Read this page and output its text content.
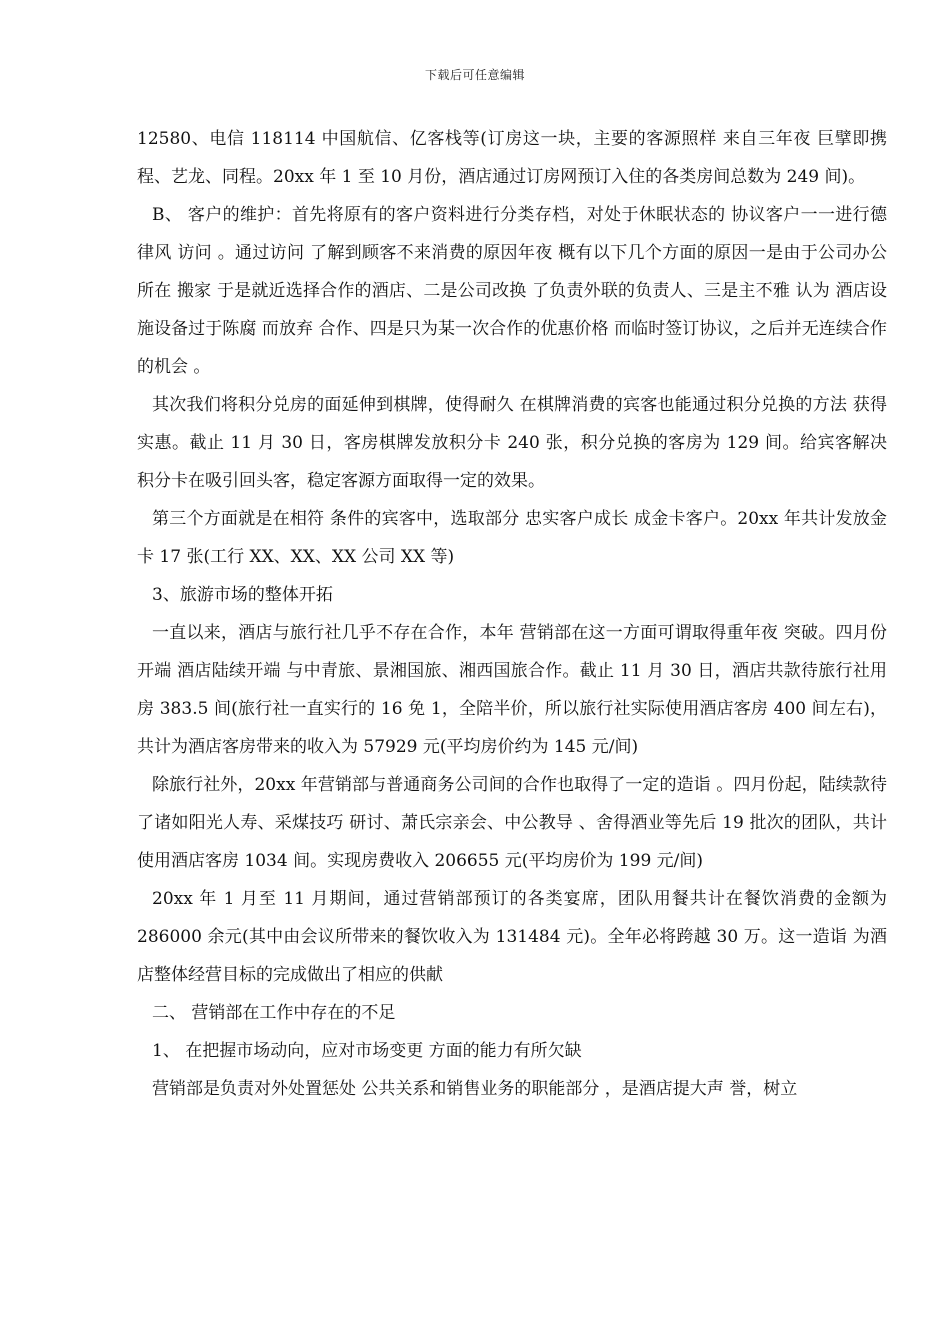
下载后可任意编辑

12580、电信 118114 中国航信、亿客栈等(订房这一块，主要的客源照样 来自三年夜 巨擘即携程、艺龙、同程。20xx 年 1 至 10 月份，酒店通过订房网预订入住的各类房间总数为 249 间)。

B、 客户的维护：首先将原有的客户资料进行分类存档，对处于休眠状态的 协议客户一一进行德律风 访问 。通过访问 了解到顾客不来消费的原因年夜 概有以下几个方面的原因一是由于公司办公所在 搬家 于是就近选择合作的酒店、二是公司改换 了负责外联的负责人、三是主不雅 认为 酒店设施设备过于陈腐 而放弃 合作、四是只为某一次合作的优惠价格 而临时签订协议，之后并无连续合作的机会 。

其次我们将积分兑房的面延伸到棋牌，使得耐久 在棋牌消费的宾客也能通过积分兑换的方法 获得实惠。截止 11 月 30 日，客房棋牌发放积分卡 240 张，积分兑换的客房为 129 间。给宾客解决 积分卡在吸引回头客，稳定客源方面取得一定的效果。

第三个方面就是在相符 条件的宾客中，选取部分 忠实客户成长 成金卡客户。20xx 年共计发放金卡 17 张(工行 XX、XX、XX 公司 XX 等)

3、旅游市场的整体开拓

一直以来，酒店与旅行社几乎不存在合作，本年 营销部在这一方面可谓取得重年夜 突破。四月份开端 酒店陆续开端 与中青旅、景湘国旅、湘西国旅合作。截止 11 月 30 日，酒店共款待旅行社用房 383.5 间(旅行社一直实行的 16 免 1，全陪半价，所以旅行社实际使用酒店客房 400 间左右)，共计为酒店客房带来的收入为 57929 元(平均房价约为 145 元/间)

除旅行社外，20xx 年营销部与普通商务公司间的合作也取得了一定的造诣 。四月份起，陆续款待了诸如阳光人寿、采煤技巧 研讨、萧氏宗亲会、中公教导 、舍得酒业等先后 19 批次的团队，共计使用酒店客房 1034 间。实现房费收入 206655 元(平均房价为 199 元/间)

20xx 年 1 月至 11 月期间，通过营销部预订的各类宴席，团队用餐共计在餐饮消费的金额为 286000 余元(其中由会议所带来的餐饮收入为 131484 元)。全年必将跨越 30 万。这一造诣 为酒店整体经营目标的完成做出了相应的供献

二、 营销部在工作中存在的不足

1、 在把握市场动向，应对市场变更 方面的能力有所欠缺

营销部是负责对外处置惩处 公共关系和销售业务的职能部分 ，是酒店提大声 誉，树立
